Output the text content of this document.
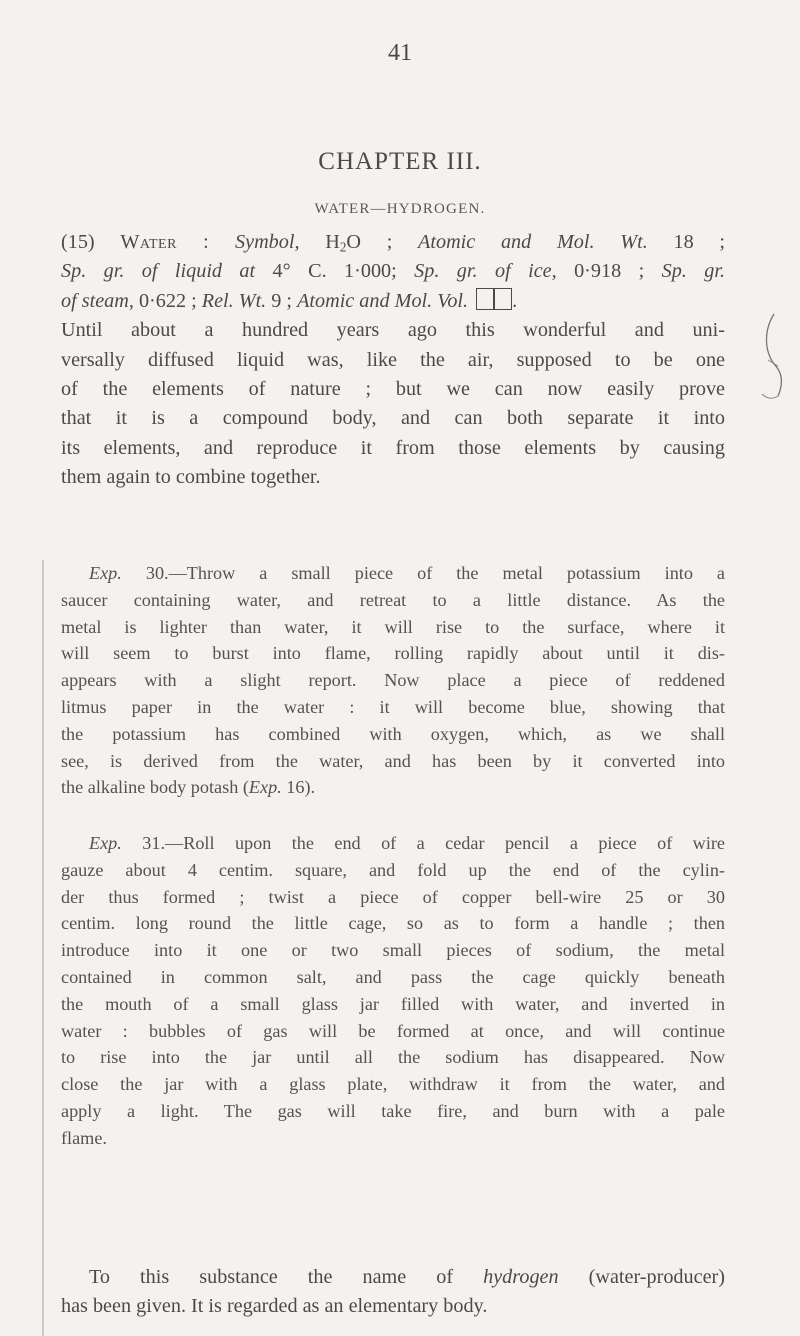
41
CHAPTER III.
WATER—HYDROGEN.
(15) Water : Symbol, $H_2O$ ; Atomic and Mol. Wt. 18 ;
Sp. gr. of liquid at 4° C. 1·000; Sp. gr. of ice, 0·918 ; Sp. gr.
of steam, 0·622 ; Rel. Wt. 9 ; Atomic and Mol. Vol. .
Until about a hundred years ago this wonderful and uni-
versally diffused liquid was, like the air, supposed to be one
of the elements of nature ; but we can now easily prove
that it is a compound body, and can both separate it into
its elements, and reproduce it from those elements by causing
them again to combine together.
Exp. 30.—Throw a small piece of the metal potassium into a
saucer containing water, and retreat to a little distance. As the
metal is lighter than water, it will rise to the surface, where it
will seem to burst into flame, rolling rapidly about until it dis-
appears with a slight report. Now place a piece of reddened
litmus paper in the water : it will become blue, showing that
the potassium has combined with oxygen, which, as we shall
see, is derived from the water, and has been by it converted into
the alkaline body potash (Exp. 16).
Exp. 31.—Roll upon the end of a cedar pencil a piece of wire
gauze about 4 centim. square, and fold up the end of the cylin-
der thus formed ; twist a piece of copper bell-wire 25 or 30
centim. long round the little cage, so as to form a handle ; then
introduce into it one or two small pieces of sodium, the metal
contained in common salt, and pass the cage quickly beneath
the mouth of a small glass jar filled with water, and inverted in
water : bubbles of gas will be formed at once, and will continue
to rise into the jar until all the sodium has disappeared. Now
close the jar with a glass plate, withdraw it from the water, and
apply a light. The gas will take fire, and burn with a pale
flame.
To this substance the name of hydrogen (water-producer)
has been given. It is regarded as an elementary body.
